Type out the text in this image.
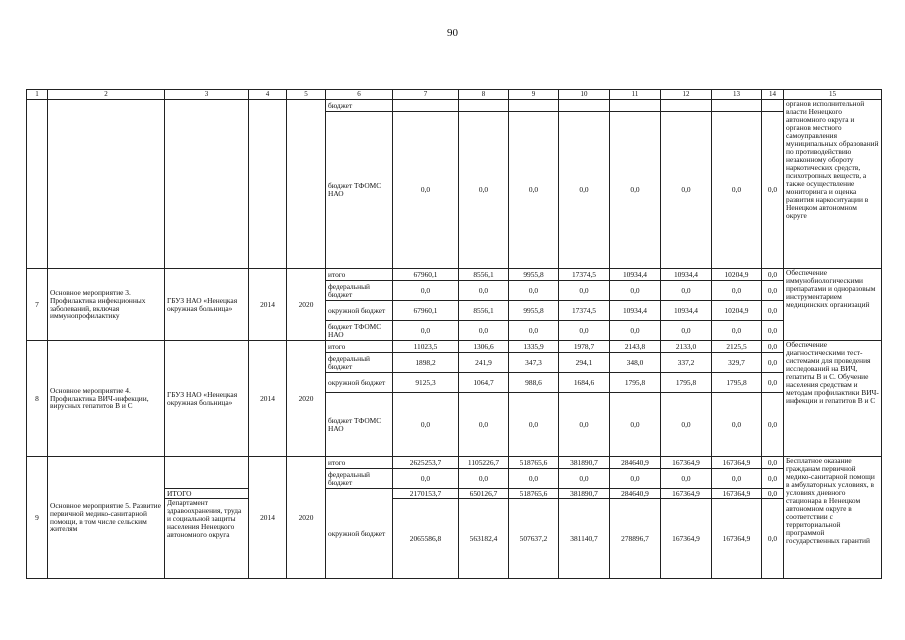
90
1	2	3	4	5	6	7	8	9	10	11	12	13	14	15
					бюджет									органов исполнительной власти Ненецкого автономного округа и органов местного самоуправления муниципальных образований по противодействию незаконному обороту наркотических средств, психотропных веществ, а также осуществление мониторинга и оценка развития наркоситуации в Ненецком автономном округе
					бюджет ТФОМС НАО	0,0	0,0	0,0	0,0	0,0	0,0	0,0	0,0	
7	Основное мероприятие 3. Профилактика инфекционных заболеваний, включая иммунопрофилактику	ГБУЗ НАО «Ненецкая окружная больница»	2014	2020	итого	67960,1	8556,1	9955,8	17374,5	10934,4	10934,4	10204,9	0,0	Обеспечение иммунобиологическими препаратами и одноразовым инструментарием медицинских организаций
					федеральный бюджет	0,0	0,0	0,0	0,0	0,0	0,0	0,0	0,0	
					окружной бюджет	67960,1	8556,1	9955,8	17374,5	10934,4	10934,4	10204,9	0,0	
					бюджет ТФОМС НАО	0,0	0,0	0,0	0,0	0,0	0,0	0,0	0,0	
8	Основное мероприятие 4. Профилактика ВИЧ-инфекции, вирусных гепатитов В и С	ГБУЗ НАО «Ненецкая окружная больница»	2014	2020	итого	11023,5	1306,6	1335,9	1978,7	2143,8	2133,0	2125,5	0,0	Обеспечение диагностическими тест-системами для проведения исследований на ВИЧ, гепатиты В и С. Обучение населения средствам и методам профилактики ВИЧ-инфекции и гепатитов В и С
					федеральный бюджет	1898,2	241,9	347,3	294,1	348,0	337,2	329,7	0,0	
					окружной бюджет	9125,3	1064,7	988,6	1684,6	1795,8	1795,8	1795,8	0,0	
					бюджет ТФОМС НАО	0,0	0,0	0,0	0,0	0,0	0,0	0,0	0,0	
9	Основное мероприятие 5. Развитие первичной медико-санитарной помощи, в том числе сельским жителям		2014	2020	итого	2625253,7	1105226,7	518765,6	381890,7	284640,9	167364,9	167364,9	0,0	Бесплатное оказание гражданам первичной медико-санитарной помощи в амбулаторных условиях, в условиях дневного стационара в Ненецком автономном округе в соответствии с территориальной программой государственных гарантий
					федеральный бюджет	0,0	0,0	0,0	0,0	0,0	0,0	0,0	0,0	
		ИТОГО			окружной бюджет	2170153,7	650126,7	518765,6	381890,7	284640,9	167364,9	167364,9	0,0	
		Департамент здравоохранения, труда и социальной защиты населения Ненецкого автономного округа				2065586,8	563182,4	507637,2	381140,7	278896,7	167364,9	167364,9	0,0	
